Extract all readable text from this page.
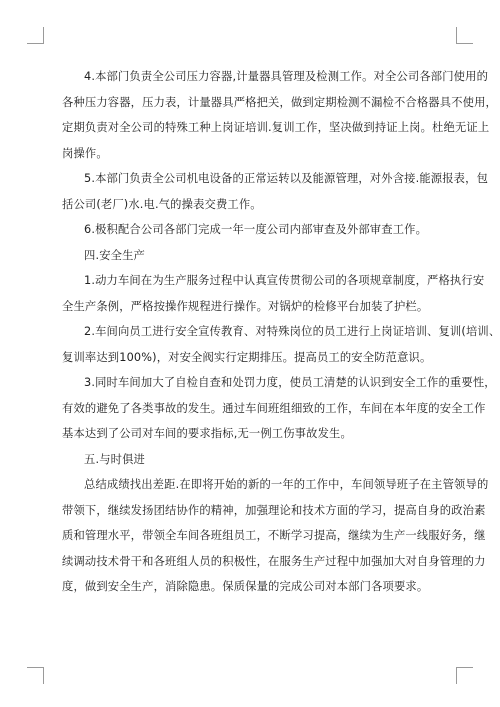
4.本部门负责全公司压力容器,计量器具管理及检测工作。对全公司各部门使用的
各种压力容器，压力表，计量器具严格把关，做到定期检测不漏检不合格器具不使用，
定期负责对全公司的特殊工种上岗证培训.复训工作，坚决做到持证上岗。杜绝无证上
岗操作。
5.本部门负责全公司机电设备的正常运转以及能源管理，对外含接.能源报表，包
括公司(老厂)水.电.气的操表交费工作。
6.极积配合公司各部门完成一年一度公司内部审查及外部审查工作。
四.安全生产
1.动力车间在为生产服务过程中认真宣传贯彻公司的各项规章制度，严格执行安
全生产条例，严格按操作规程进行操作。对锅炉的检修平台加装了护栏。
2.车间向员工进行安全宣传教育、对特殊岗位的员工进行上岗证培训、复训(培训、
复训率达到100%)，对安全阀实行定期排压。提高员工的安全防范意识。
3.同时车间加大了自检自查和处罚力度，使员工清楚的认识到安全工作的重要性，
有效的避免了各类事故的发生。通过车间班组细致的工作，车间在本年度的安全工作
基本达到了公司对车间的要求指标,无一例工伤事故发生。
五.与时俱进
总结成绩找出差距.在即将开始的新的一年的工作中，车间领导班子在主管领导的
带领下，继续发扬团结协作的精神，加强理论和技术方面的学习，提高自身的政治素
质和管理水平，带领全车间各班组员工，不断学习提高，继续为生产一线服好务，继
续调动技术骨干和各班组人员的积极性，在服务生产过程中加强加大对自身管理的力
度，做到安全生产，消除隐患。保质保量的完成公司对本部门各项要求。
